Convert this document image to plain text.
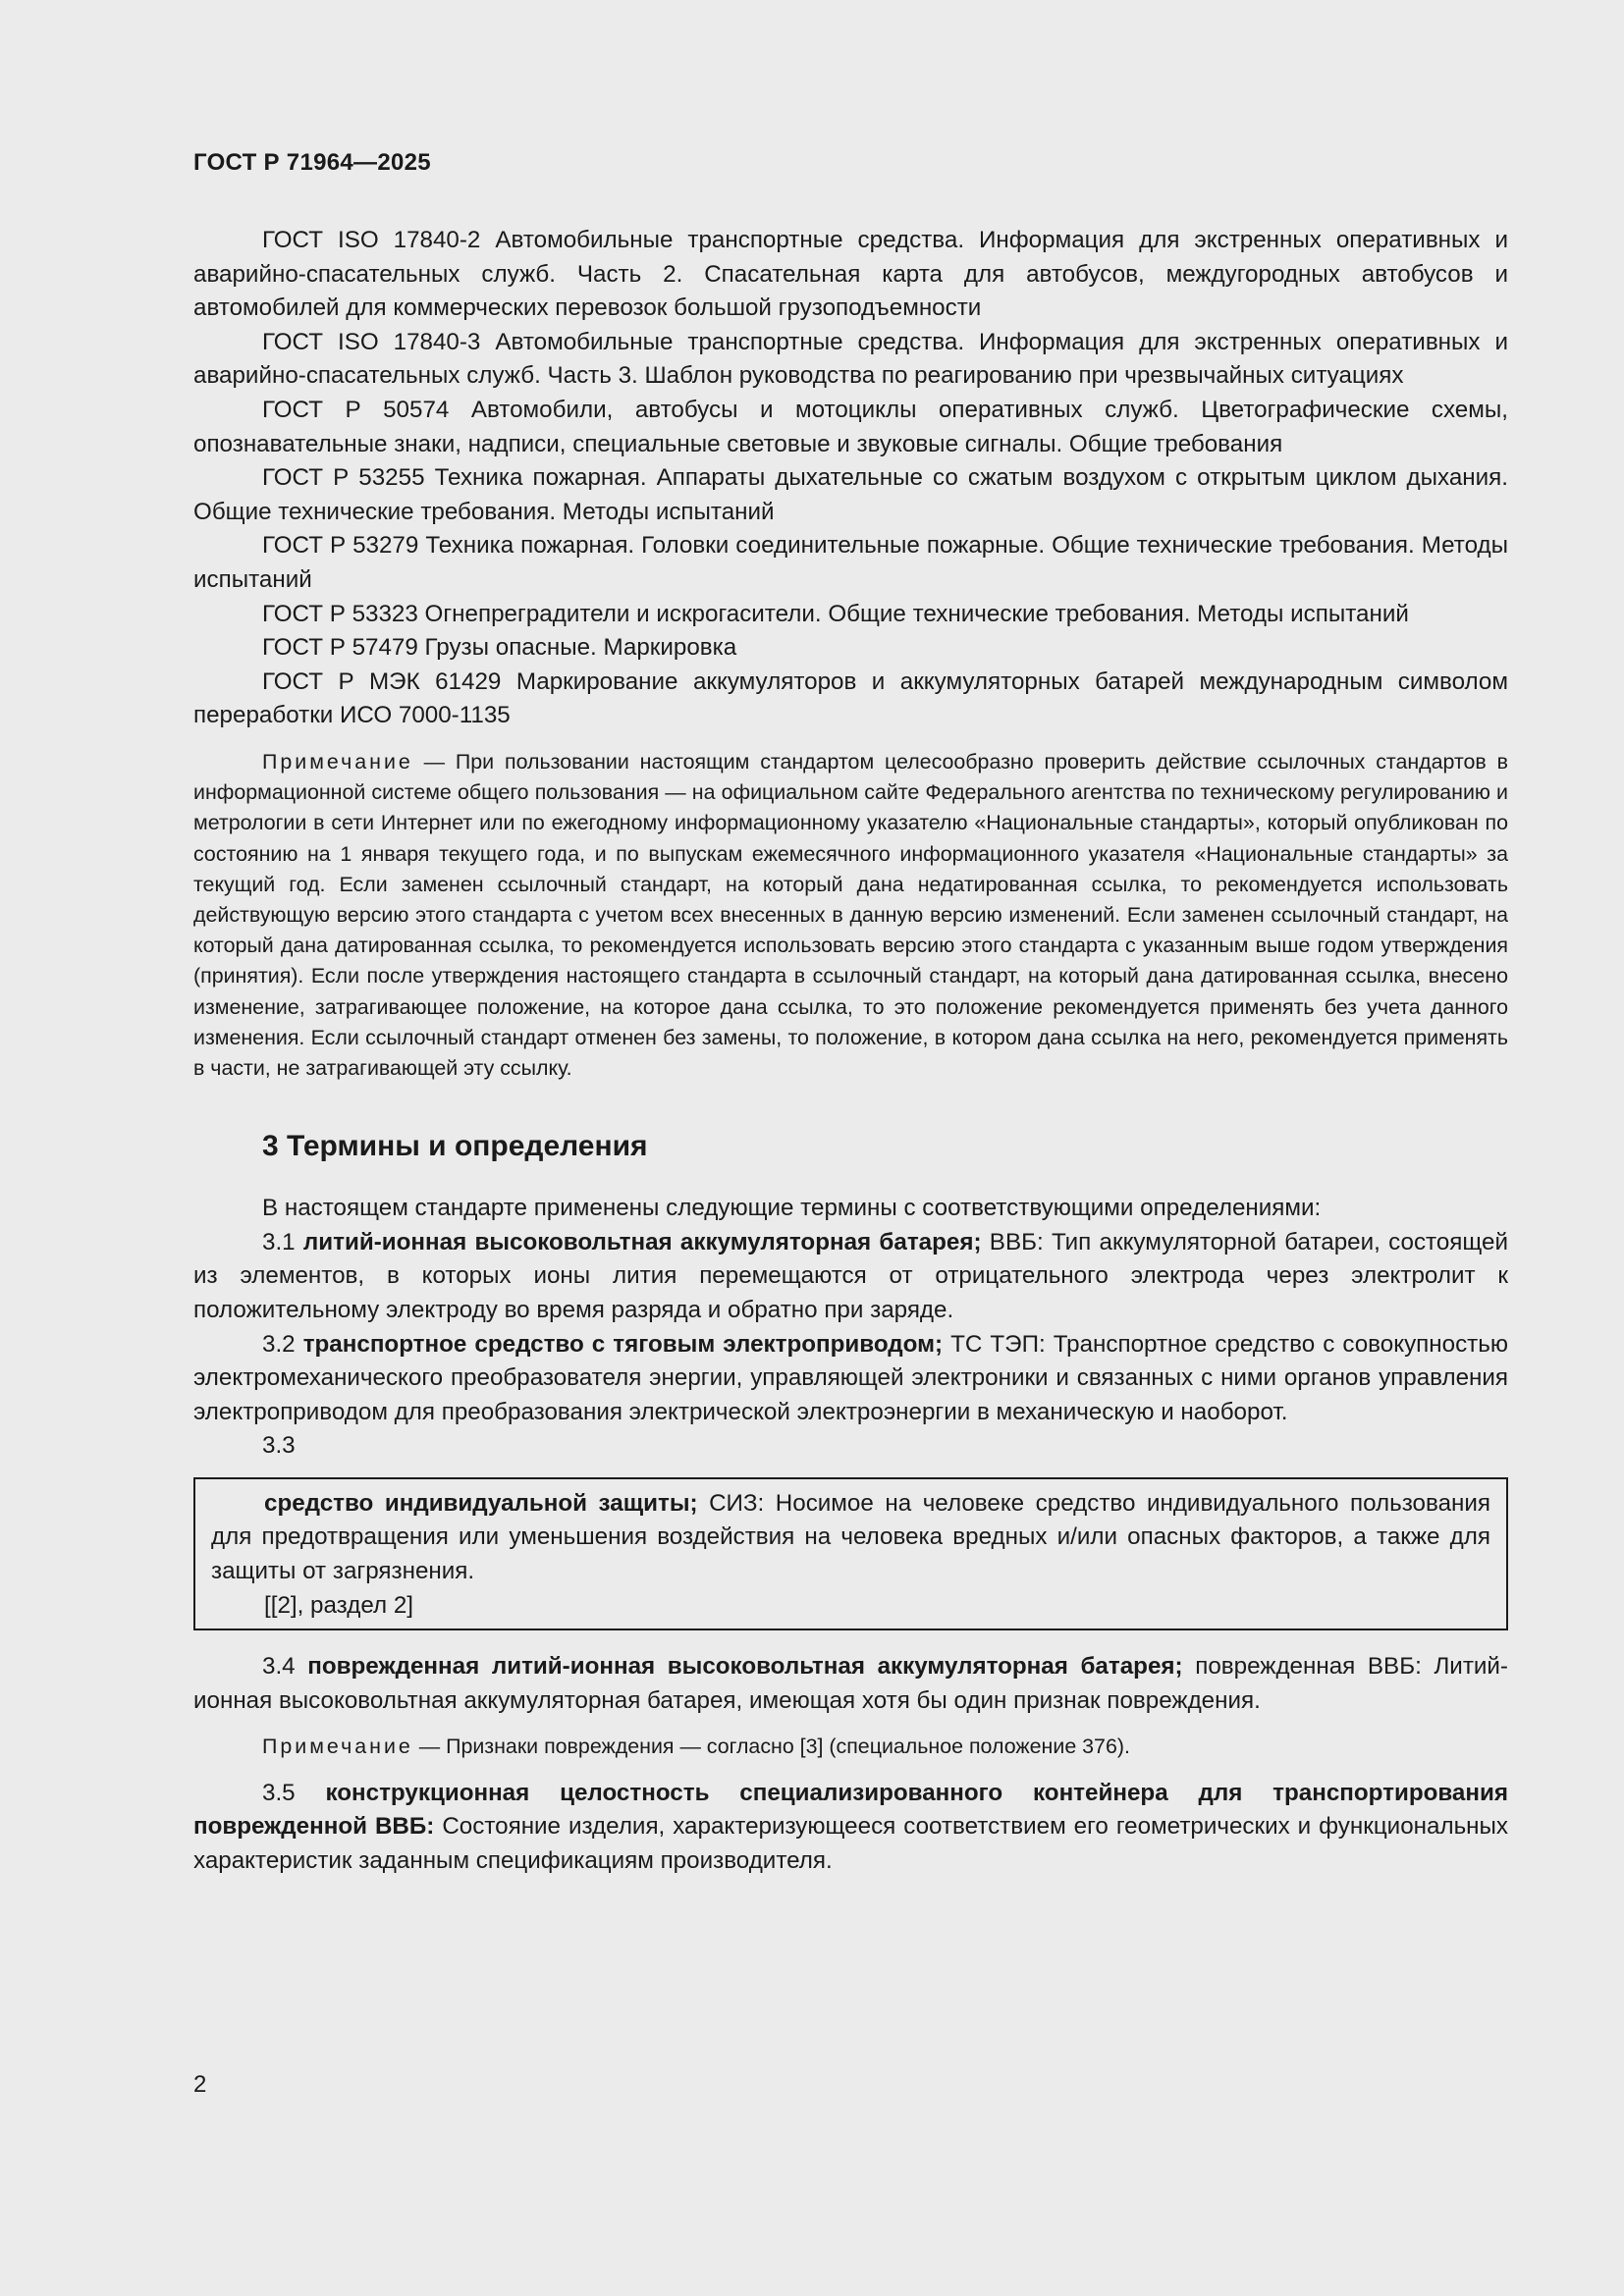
ГОСТ Р 71964—2025

ГОСТ ISO 17840-2 Автомобильные транспортные средства. Информация для экстренных оперативных и аварийно-спасательных служб. Часть 2. Спасательная карта для автобусов, междугородных автобусов и автомобилей для коммерческих перевозок большой грузоподъемности

ГОСТ ISO 17840-3 Автомобильные транспортные средства. Информация для экстренных оперативных и аварийно-спасательных служб. Часть 3. Шаблон руководства по реагированию при чрезвычайных ситуациях

ГОСТ Р 50574 Автомобили, автобусы и мотоциклы оперативных служб. Цветографические схемы, опознавательные знаки, надписи, специальные световые и звуковые сигналы. Общие требования

ГОСТ Р 53255 Техника пожарная. Аппараты дыхательные со сжатым воздухом с открытым циклом дыхания. Общие технические требования. Методы испытаний

ГОСТ Р 53279 Техника пожарная. Головки соединительные пожарные. Общие технические требования. Методы испытаний

ГОСТ Р 53323 Огнепреградители и искрогасители. Общие технические требования. Методы испытаний

ГОСТ Р 57479 Грузы опасные. Маркировка

ГОСТ Р МЭК 61429 Маркирование аккумуляторов и аккумуляторных батарей международным символом переработки ИСО 7000-1135

Примечание — При пользовании настоящим стандартом целесообразно проверить действие ссылочных стандартов в информационной системе общего пользования — на официальном сайте Федерального агентства по техническому регулированию и метрологии в сети Интернет или по ежегодному информационному указателю «Национальные стандарты», который опубликован по состоянию на 1 января текущего года, и по выпускам ежемесячного информационного указателя «Национальные стандарты» за текущий год. Если заменен ссылочный стандарт, на который дана недатированная ссылка, то рекомендуется использовать действующую версию этого стандарта с учетом всех внесенных в данную версию изменений. Если заменен ссылочный стандарт, на который дана датированная ссылка, то рекомендуется использовать версию этого стандарта с указанным выше годом утверждения (принятия). Если после утверждения настоящего стандарта в ссылочный стандарт, на который дана датированная ссылка, внесено изменение, затрагивающее положение, на которое дана ссылка, то это положение рекомендуется применять без учета данного изменения. Если ссылочный стандарт отменен без замены, то положение, в котором дана ссылка на него, рекомендуется применять в части, не затрагивающей эту ссылку.

3 Термины и определения

В настоящем стандарте применены следующие термины с соответствующими определениями:

3.1 литий-ионная высоковольтная аккумуляторная батарея; ВВБ: Тип аккумуляторной батареи, состоящей из элементов, в которых ионы лития перемещаются от отрицательного электрода через электролит к положительному электроду во время разряда и обратно при заряде.

3.2 транспортное средство с тяговым электроприводом; ТС ТЭП: Транспортное средство с совокупностью электромеханического преобразователя энергии, управляющей электроники и связанных с ними органов управления электроприводом для преобразования электрической электроэнергии в механическую и наоборот.

3.3

средство индивидуальной защиты; СИЗ: Носимое на человеке средство индивидуального пользования для предотвращения или уменьшения воздействия на человека вредных и/или опасных факторов, а также для защиты от загрязнения.

[[2], раздел 2]

3.4 поврежденная литий-ионная высоковольтная аккумуляторная батарея; поврежденная ВВБ: Литий-ионная высоковольтная аккумуляторная батарея, имеющая хотя бы один признак повреждения.

Примечание — Признаки повреждения — согласно [3] (специальное положение 376).

3.5 конструкционная целостность специализированного контейнера для транспортирования поврежденной ВВБ: Состояние изделия, характеризующееся соответствием его геометрических и функциональных характеристик заданным спецификациям производителя.

2
